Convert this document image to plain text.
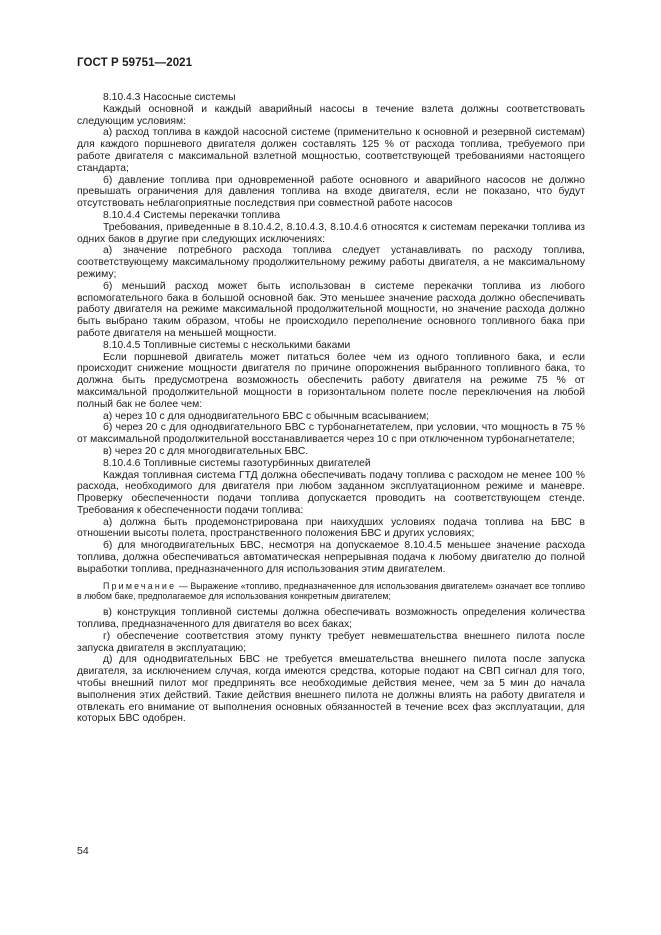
ГОСТ Р 59751—2021

8.10.4.3 Насосные системы

Каждый основной и каждый аварийный насосы в течение взлета должны соответствовать следующим условиям:

а) расход топлива в каждой насосной системе (применительно к основной и резервной системам) для каждого поршневого двигателя должен составлять 125 % от расхода топлива, требуемого при работе двигателя с максимальной взлетной мощностью, соответствующей требованиями настоящего стандарта;

б) давление топлива при одновременной работе основного и аварийного насосов не должно превышать ограничения для давления топлива на входе двигателя, если не показано, что будут отсутствовать неблагоприятные последствия при совместной работе насосов

8.10.4.4 Системы перекачки топлива

Требования, приведенные в 8.10.4.2, 8.10.4.3, 8.10.4.6 относятся к системам перекачки топлива из одних баков в другие при следующих исключениях:

а) значение потребного расхода топлива следует устанавливать по расходу топлива, соответствующему максимальному продолжительному режиму работы двигателя, а не максимальному режиму;

б) меньший расход может быть использован в системе перекачки топлива из любого вспомогательного бака в большой основной бак. Это меньшее значение расхода должно обеспечивать работу двигателя на режиме максимальной продолжительной мощности, но значение расхода должно быть выбрано таким образом, чтобы не происходило переполнение основного топливного бака при работе двигателя на меньшей мощности.

8.10.4.5 Топливные системы с несколькими баками

Если поршневой двигатель может питаться более чем из одного топливного бака, и если происходит снижение мощности двигателя по причине опорожнения выбранного топливного бака, то должна быть предусмотрена возможность обеспечить работу двигателя на режиме 75 % от максимальной продолжительной мощности в горизонтальном полете после переключения на любой полный бак не более чем:

а) через 10 с для однодвигательного БВС с обычным всасыванием;

б) через 20 с для однодвигательного БВС с турбонагнетателем, при условии, что мощность в 75 % от максимальной продолжительной восстанавливается через 10 с при отключенном турбонагнетателе;

в) через 20 с для многодвигательных БВС.

8.10.4.6 Топливные системы газотурбинных двигателей

Каждая топливная система ГТД должна обеспечивать подачу топлива с расходом не менее 100 % расхода, необходимого для двигателя при любом заданном эксплуатационном режиме и маневре. Проверку обеспеченности подачи топлива допускается проводить на соответствующем стенде. Требования к обеспеченности подачи топлива:

а) должна быть продемонстрирована при наихудших условиях подача топлива на БВС в отношении высоты полета, пространственного положения БВС и других условиях;

б) для многодвигательных БВС, несмотря на допускаемое 8.10.4.5 меньшее значение расхода топлива, должна обеспечиваться автоматическая непрерывная подача к любому двигателю до полной выработки топлива, предназначенного для использования этим двигателем.

Примечание — Выражение «топливо, предназначенное для использования двигателем» означает все топливо в любом баке, предполагаемое для использования конкретным двигателем;

в) конструкция топливной системы должна обеспечивать возможность определения количества топлива, предназначенного для двигателя во всех баках;

г) обеспечение соответствия этому пункту требует невмешательства внешнего пилота после запуска двигателя в эксплуатацию;

д) для однодвигательных БВС не требуется вмешательства внешнего пилота после запуска двигателя, за исключением случая, когда имеются средства, которые подают на СВП сигнал для того, чтобы внешний пилот мог предпринять все необходимые действия менее, чем за 5 мин до начала выполнения этих действий. Такие действия внешнего пилота не должны влиять на работу двигателя и отвлекать его внимание от выполнения основных обязанностей в течение всех фаз эксплуатации, для которых БВС одобрен.

54
